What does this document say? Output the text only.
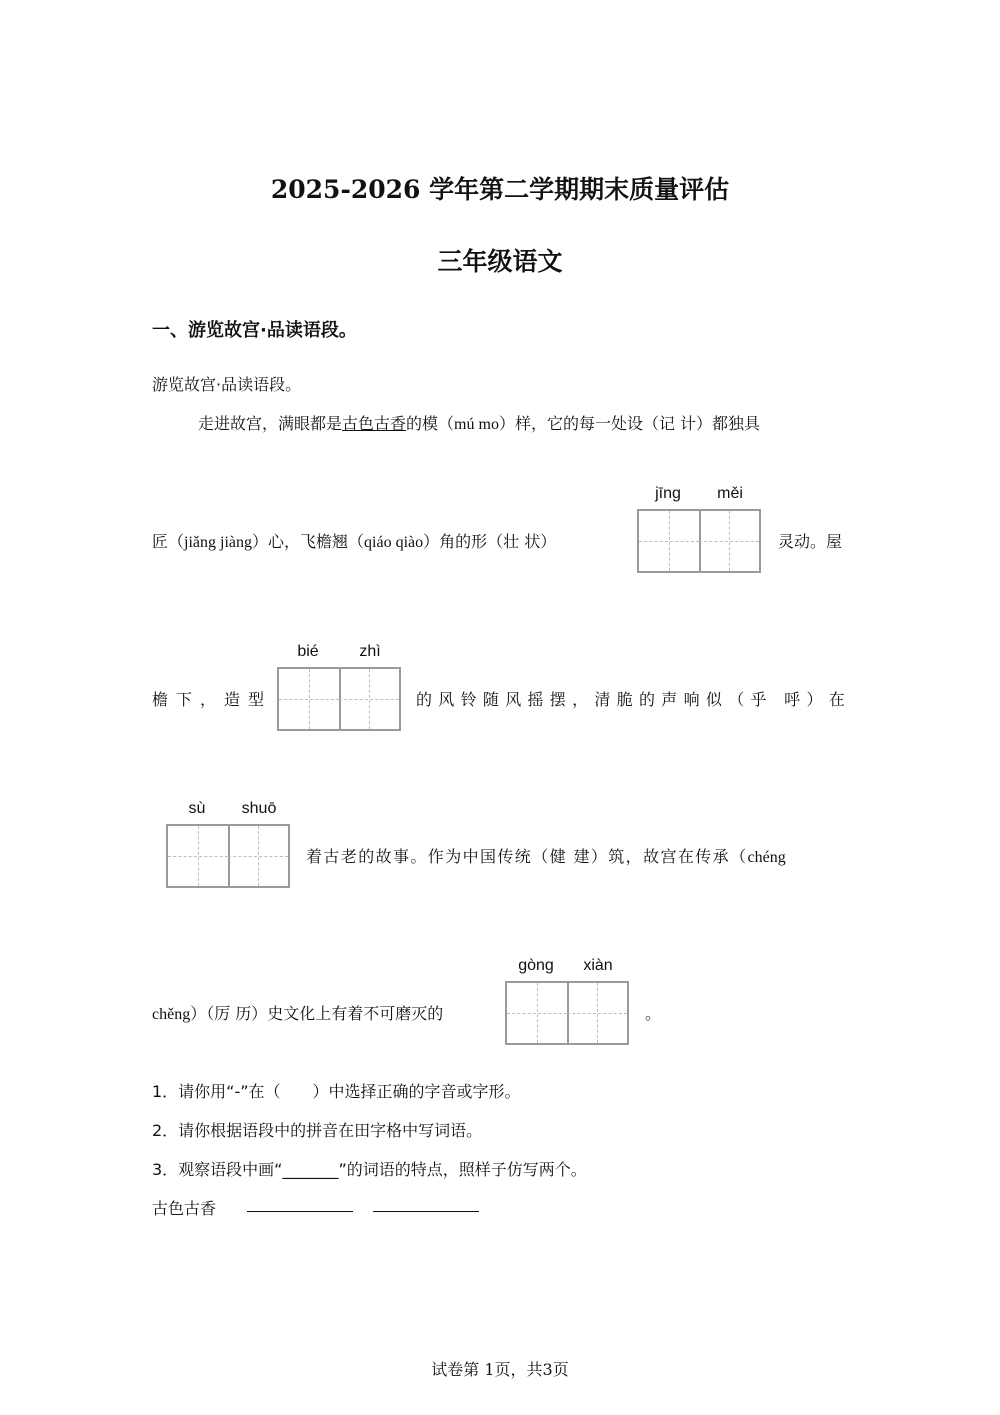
2025-2026 学年第二学期期末质量评估
三年级语文
一、游览故宫·品读语段。
游览故宫·品读语段。
走进故宫，满眼都是古色古香的模（mú mo）样，它的每一处设（记 计）都独具
匠（jiǎng jiàng）心，飞檐翘（qiáo qiào）角的形（壮 状）
jīng	měi
灵动。屋
檐下，造型
bié	zhì
的风铃随风摇摆，清脆的声响似（乎 呼）在
sù	shuō
着古老的故事。作为中国传统（健 建）筑，故宫在传承（chéng
chěng）（厉 历）史文化上有着不可磨灭的
gòng	xiàn
。
1．请你用“-”在（　　）中选择正确的字音或字形。
2．请你根据语段中的拼音在田字格中写词语。
3．观察语段中画“_______”的词语的特点，照样子仿写两个。
古色古香
试卷第 1页，共3页
